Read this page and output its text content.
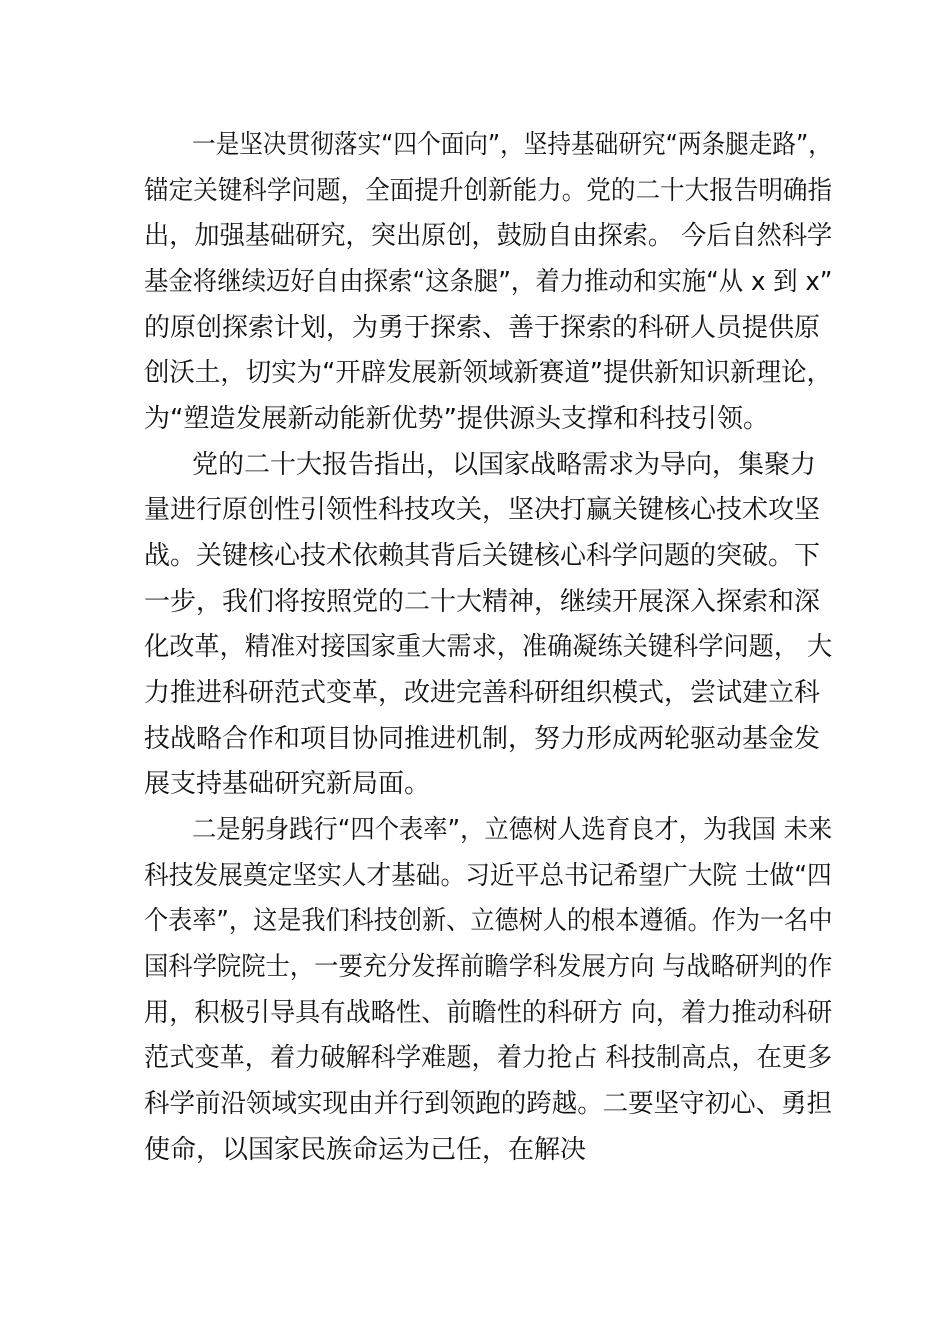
一是坚决贯彻落实“四个面向”，坚持基础研究“两条腿走路”，
锚定关键科学问题，全面提升创新能力。党的二十大报告明确指
出，加强基础研究，突出原创，鼓励自由探索。 今后自然科学
基金将继续迈好自由探索“这条腿”，着力推动和实施“从 x 到 x”
的原创探索计划，为勇于探索、善于探索的科研人员提供原
创沃土，切实为“开辟发展新领域新赛道”提供新知识新理论，
为“塑造发展新动能新优势”提供源头支撑和科技引领。
党的二十大报告指出，以国家战略需求为导向，集聚力
量进行原创性引领性科技攻关，坚决打赢关键核心技术攻坚
战。关键核心技术依赖其背后关键核心科学问题的突破。下
一步，我们将按照党的二十大精神，继续开展深入探索和深
化改革，精准对接国家重大需求，准确凝练关键科学问题， 大
力推进科研范式变革，改进完善科研组织模式，尝试建立科
技战略合作和项目协同推进机制，努力形成两轮驱动基金发
展支持基础研究新局面。
二是躬身践行“四个表率”，立德树人选育良才，为我国 未来
科技发展奠定坚实人才基础。习近平总书记希望广大院 士做“四
个表率”，这是我们科技创新、立德树人的根本遵循。作为一名中
国科学院院士，一要充分发挥前瞻学科发展方向 与战略研判的作
用，积极引导具有战略性、前瞻性的科研方 向，着力推动科研
范式变革，着力破解科学难题，着力抢占 科技制高点，在更多
科学前沿领域实现由并行到领跑的跨越。二要坚守初心、勇担
使命，以国家民族命运为己任，在解决
